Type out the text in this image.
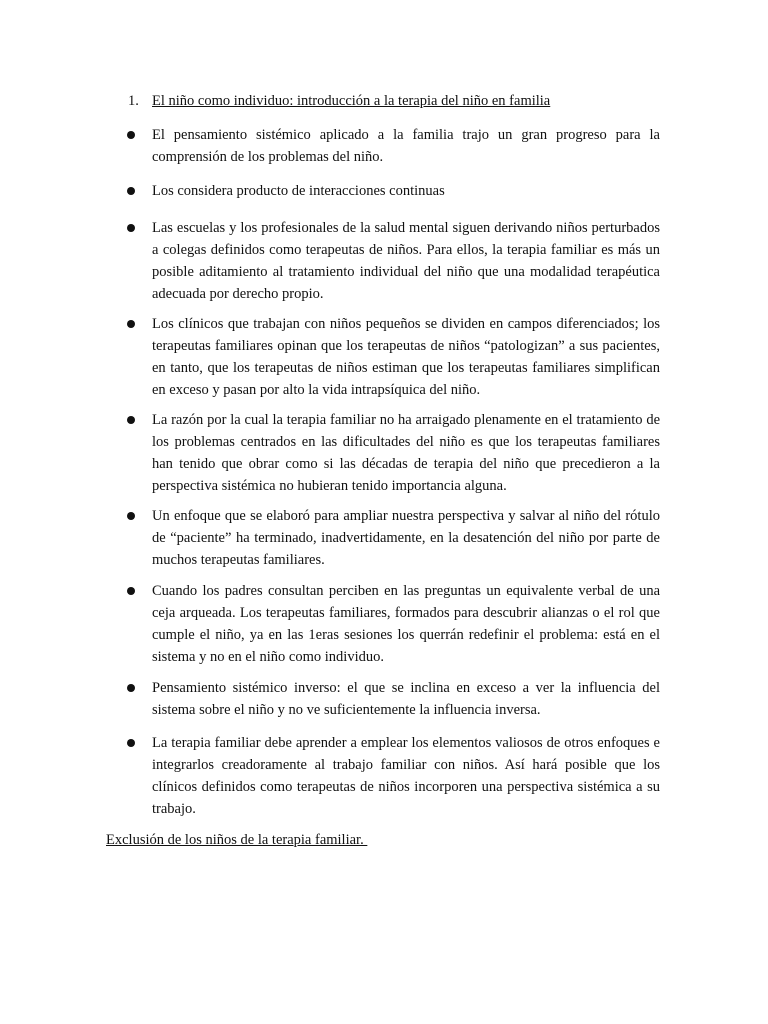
1. El niño como individuo: introducción a la terapia del niño en familia
El pensamiento sistémico aplicado a la familia trajo un gran progreso para la comprensión de los problemas del niño.
Los considera producto de interacciones continuas
Las escuelas y los profesionales de la salud mental siguen derivando niños perturbados a colegas definidos como terapeutas de niños. Para ellos, la terapia familiar es más un posible aditamiento al tratamiento individual del niño que una modalidad terapéutica adecuada por derecho propio.
Los clínicos que trabajan con niños pequeños se dividen en campos diferenciados; los terapeutas familiares opinan que los terapeutas de niños “patologizan” a sus pacientes, en tanto, que los terapeutas de niños estiman que los terapeutas familiares simplifican en exceso y pasan por alto la vida intrapsíquica del niño.
La razón por la cual la terapia familiar no ha arraigado plenamente en el tratamiento de los problemas centrados en las dificultades del niño es que los terapeutas familiares han tenido que obrar como si las décadas de terapia del niño que precedieron a la perspectiva sistémica no hubieran tenido importancia alguna.
Un enfoque que se elaboró para ampliar nuestra perspectiva y salvar al niño del rótulo de “paciente” ha terminado, inadvertidamente, en la desatención del niño por parte de muchos terapeutas familiares.
Cuando los padres consultan perciben en las preguntas un equivalente verbal de una ceja arqueada. Los terapeutas familiares, formados para descubrir alianzas o el rol que cumple el niño, ya en las 1eras sesiones los querrán redefinir el problema: está en el sistema y no en el niño como individuo.
Pensamiento sistémico inverso: el que se inclina en exceso a ver la influencia del sistema sobre el niño y no ve suficientemente la influencia inversa.
La terapia familiar debe aprender a emplear los elementos valiosos de otros enfoques e integrarlos creadoramente al trabajo familiar con niños. Así hará posible que los clínicos definidos como terapeutas de niños incorporen una perspectiva sistémica a su trabajo.
Exclusión de los niños de la terapia familiar.
